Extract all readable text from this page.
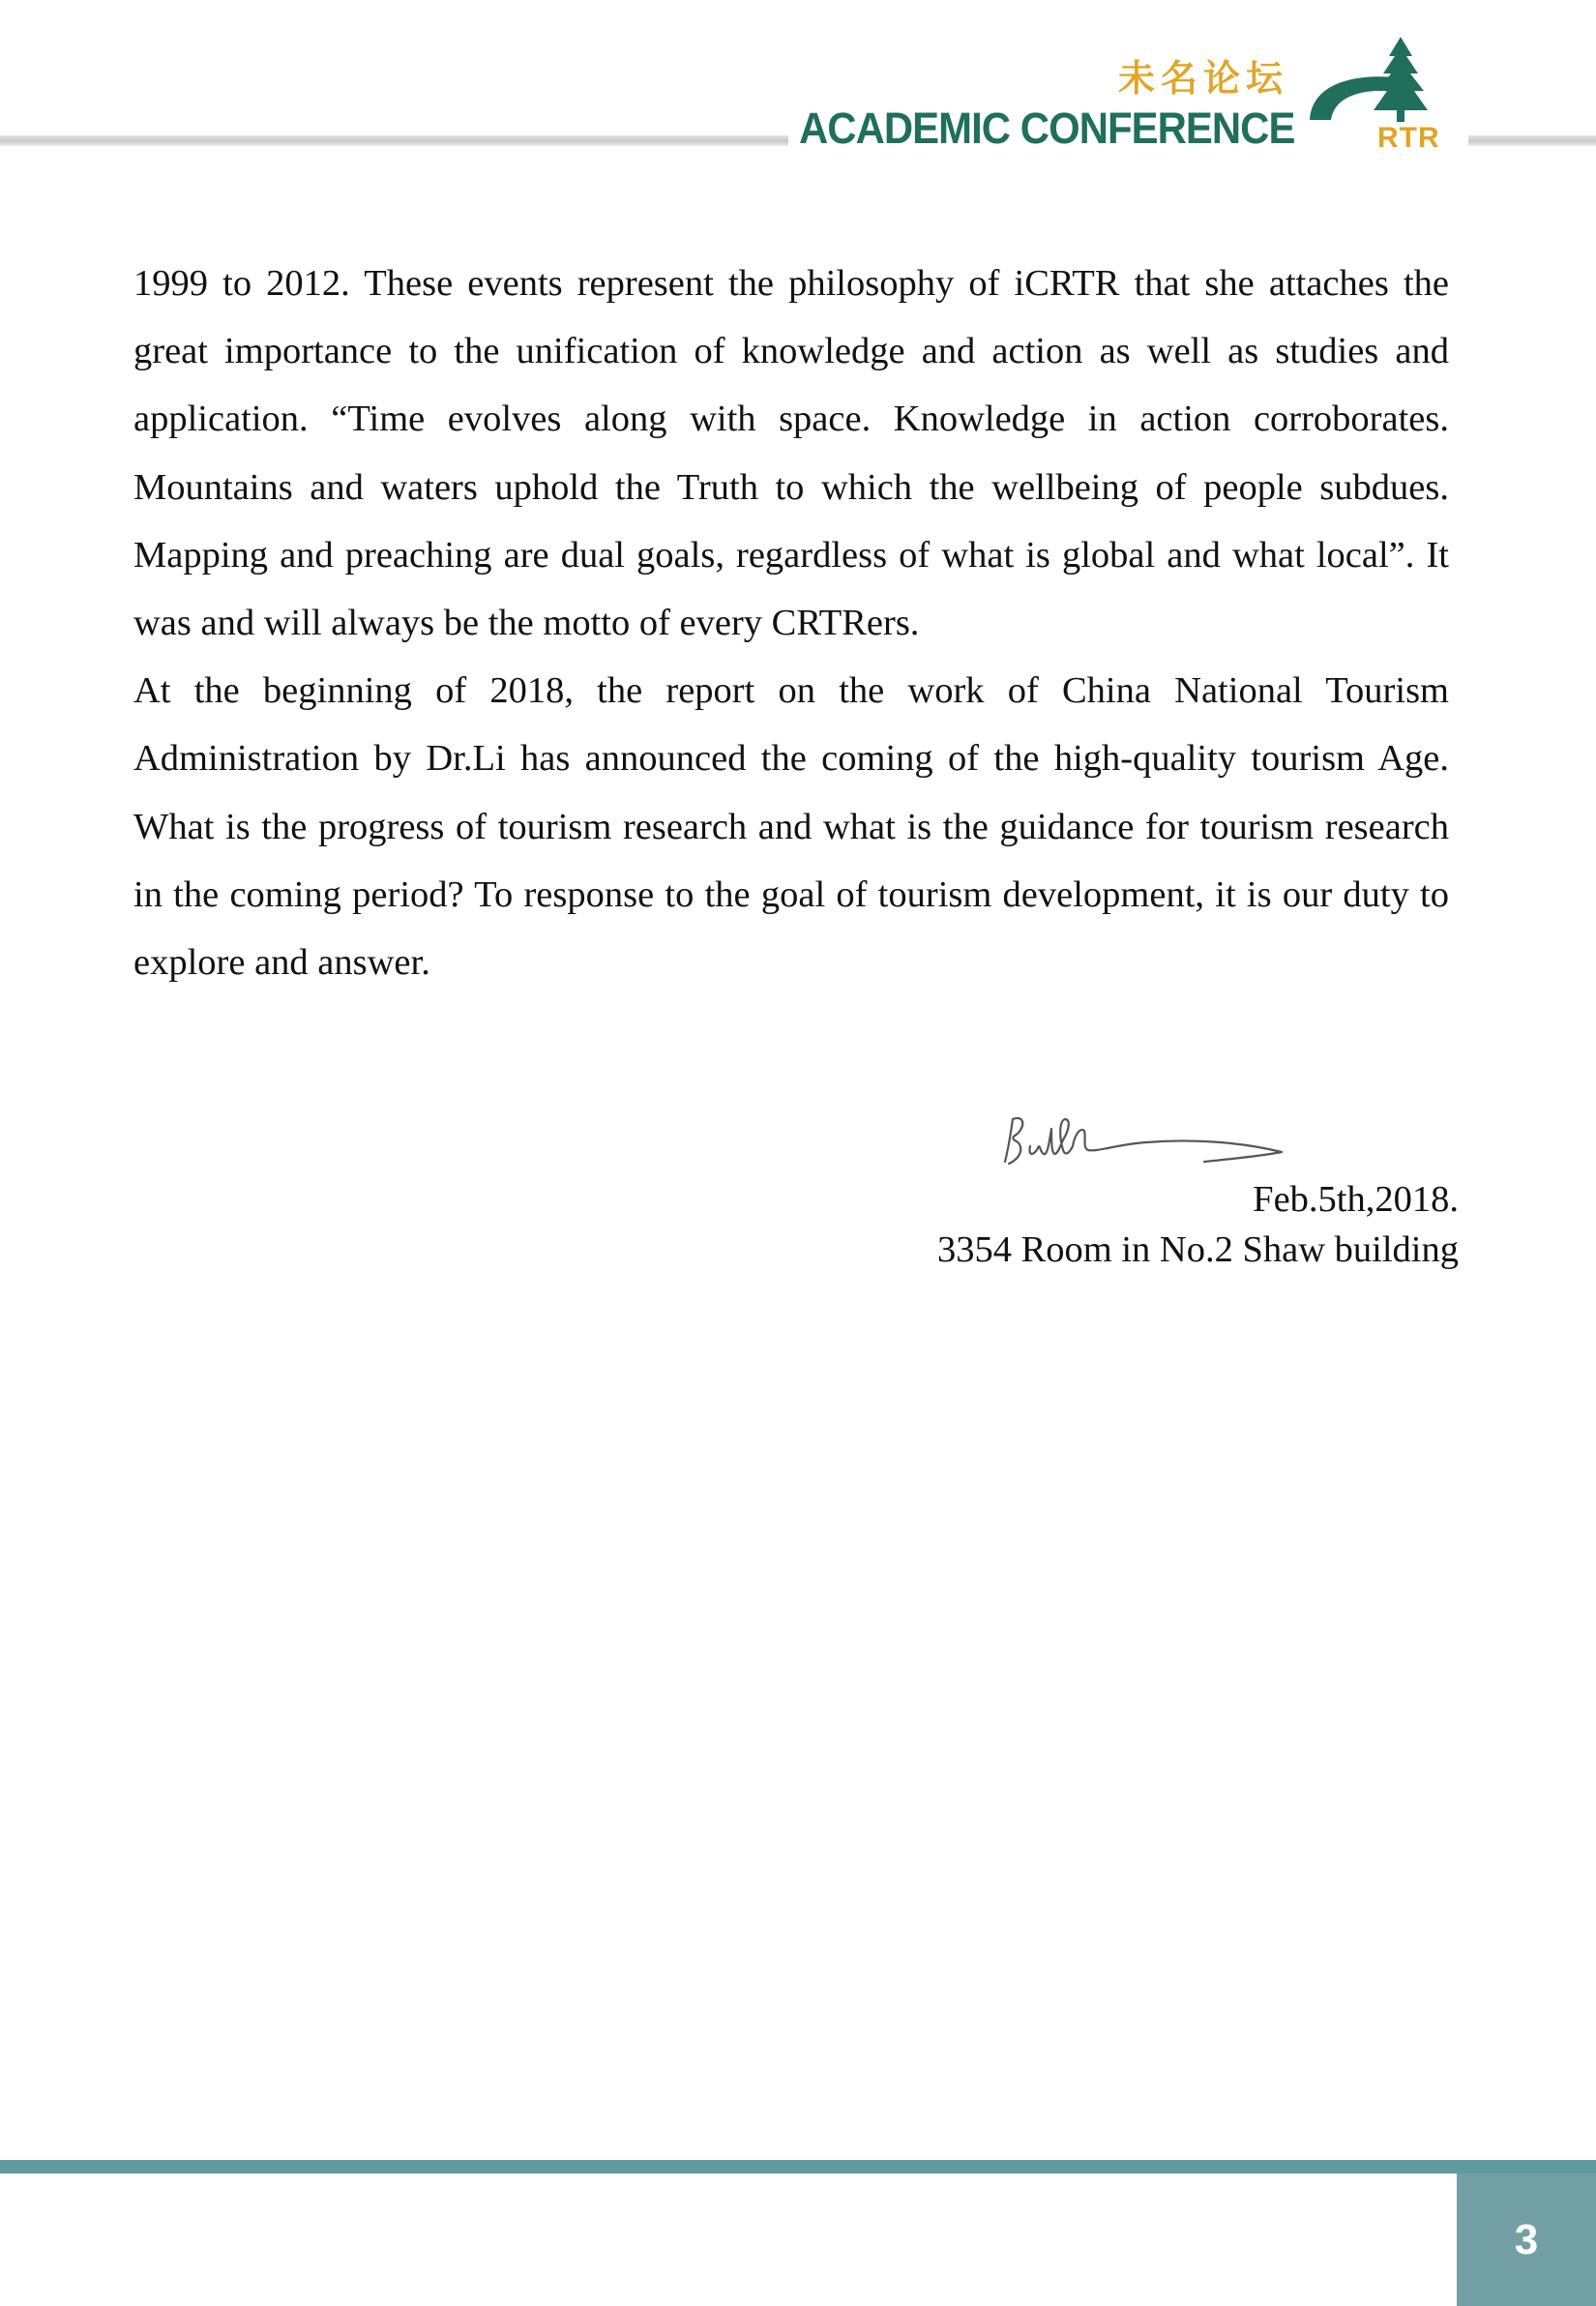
未名论坛
ACADEMIC CONFERENCE	RTR

1999 to 2012. These events represent the philosophy of iCRTR that she attaches the great importance to the unification of knowledge and action as well as studies and application. “Time evolves along with space. Knowledge in action corroborates. Mountains and waters uphold the Truth to which the wellbeing of people subdues. Mapping and preaching are dual goals, regardless of what is global and what local”. It was and will always be the motto of every CRTRers.

At the beginning of 2018, the report on the work of China National Tourism Administration by Dr.Li has announced the coming of the high-quality tourism Age. What is the progress of tourism research and what is the guidance for tourism research in the coming period? To response to the goal of tourism development, it is our duty to explore and answer.

Feb.5th,2018.
3354 Room in No.2 Shaw building
3
